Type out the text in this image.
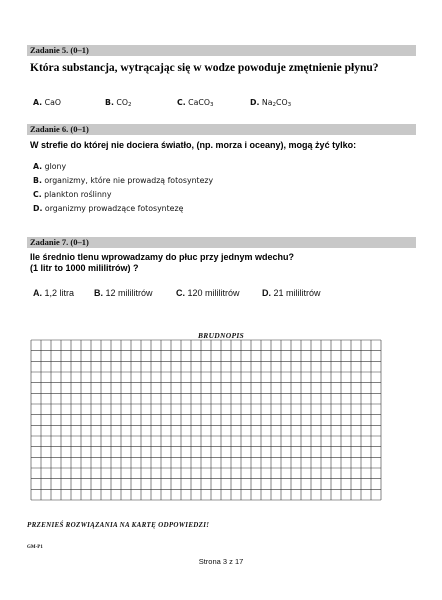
Zadanie 5. (0–1)
Która substancja, wytrącając się w wodze powoduje zmętnienie płynu?
A. CaO	B. $CO_2$	C. CaCO$_3$	D. $Na_2CO_3$
Zadanie 6. (0–1)
W strefie do której nie dociera światło, (np. morza i oceany), mogą żyć tylko:
A. glony
B. organizmy, które nie prowadzą fotosyntezy
C. plankton roślinny
D. organizmy prowadzące fotosyntezę
Zadanie 7. (0–1)
Ile średnio tlenu wprowadzamy do płuc przy jednym wdechu?
(1 litr to 1000 mililitrów) ?
A. 1,2 litra B. 12 mililitrów	C. 120 mililitrów D. 21 mililitrów
BRUDNOPIS
PRZENIEŚ ROZWIĄZANIA NA KARTĘ ODPOWIEDZI!
GM-P1
Strona 3 z 17
